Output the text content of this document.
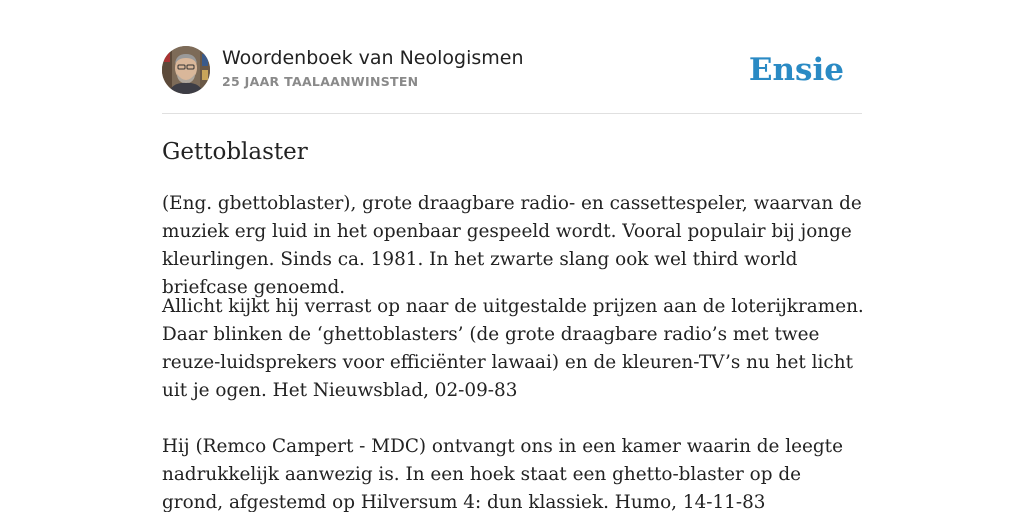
Woordenboek van Neologismen
25 JAAR TAALAANWINSTEN	Ensie
Gettoblaster

(Eng. gbettoblaster), grote draagbare radio- en cassettespeler, waarvan de muziek erg luid in het openbaar gespeeld wordt. Vooral populair bij jonge kleurlingen. Sinds ca. 1981. In het zwarte slang ook wel third world briefcase genoemd.

Allicht kijkt hij verrast op naar de uitgestalde prijzen aan de loterijkramen. Daar blinken de ‘ghettoblasters’ (de grote draagbare radio’s met twee reuze-luidsprekers voor efficiënter lawaai) en de kleuren-TV’s nu het licht uit je ogen. Het Nieuwsblad, 02-09-83

Hij (Remco Campert - MDC) ontvangt ons in een kamer waarin de leegte nadrukkelijk aanwezig is. In een hoek staat een ghetto-blaster op de grond, afgestemd op Hilversum 4: dun klassiek. Humo, 14-11-83
